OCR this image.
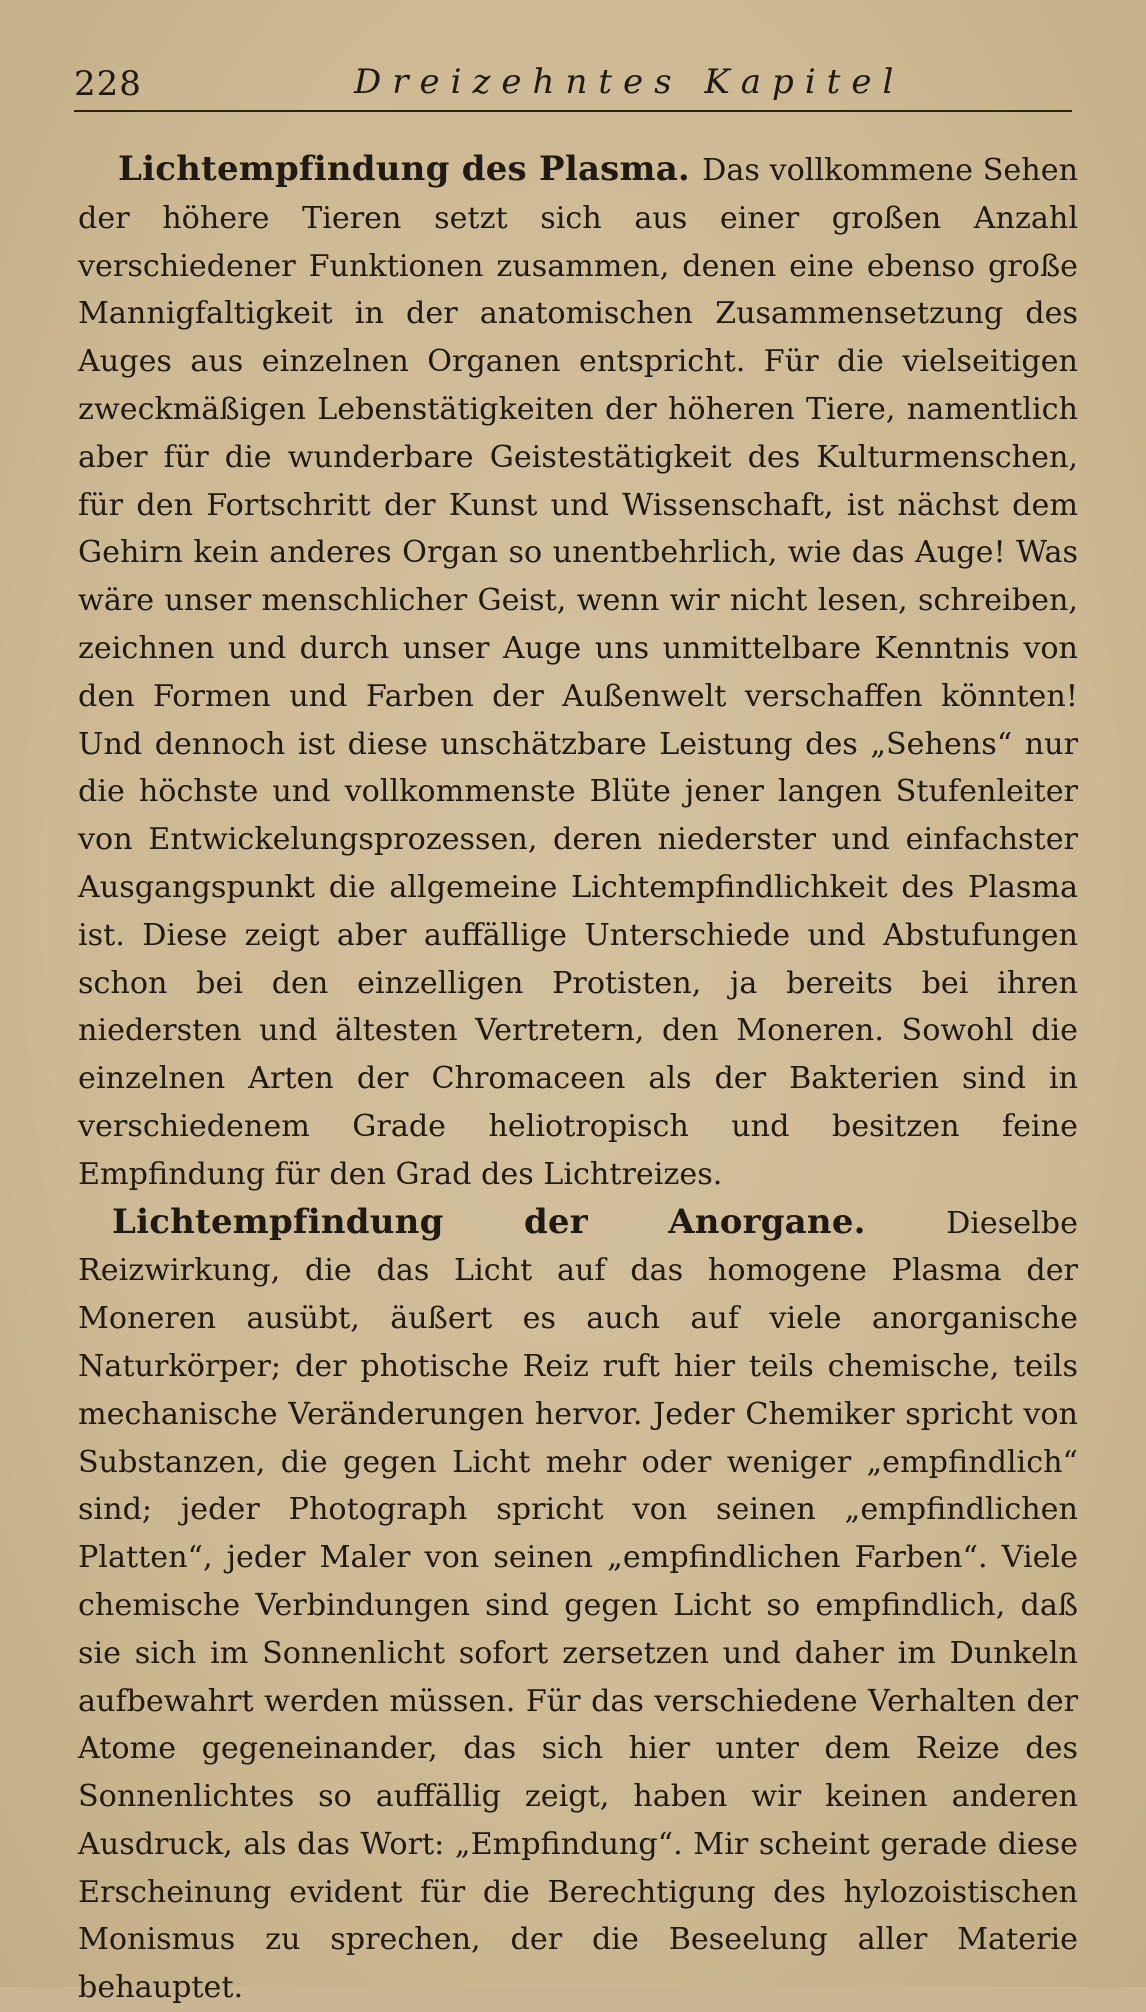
228	Dreizehntes Kapitel

Lichtempfindung des Plasma. Das vollkommene Sehen der höhere Tieren setzt sich aus einer großen Anzahl verschiedener Funktionen zusammen, denen eine ebenso große Mannigfaltigkeit in der anatomischen Zusammensetzung des Auges aus einzelnen Organen entspricht. Für die vielseitigen zweckmäßigen Lebenstätigkeiten der höheren Tiere, namentlich aber für die wunderbare Geistestätigkeit des Kulturmenschen, für den Fortschritt der Kunst und Wissenschaft, ist nächst dem Gehirn kein anderes Organ so unentbehrlich, wie das Auge! Was wäre unser menschlicher Geist, wenn wir nicht lesen, schreiben, zeichnen und durch unser Auge uns unmittelbare Kenntnis von den Formen und Farben der Außenwelt verschaffen könnten! Und dennoch ist diese unschätzbare Leistung des „Sehens“ nur die höchste und vollkommenste Blüte jener langen Stufenleiter von Entwickelungsprozessen, deren niederster und einfachster Ausgangspunkt die allgemeine Lichtempfindlichkeit des Plasma ist. Diese zeigt aber auffällige Unterschiede und Abstufungen schon bei den einzelligen Protisten, ja bereits bei ihren niedersten und ältesten Vertretern, den Moneren. Sowohl die einzelnen Arten der Chromaceen als der Bakterien sind in verschiedenem Grade heliotropisch und besitzen feine Empfindung für den Grad des Lichtreizes.

Lichtempfindung der Anorgane. Dieselbe Reizwirkung, die das Licht auf das homogene Plasma der Moneren ausübt, äußert es auch auf viele anorganische Naturkörper; der photische Reiz ruft hier teils chemische, teils mechanische Veränderungen hervor. Jeder Chemiker spricht von Substanzen, die gegen Licht mehr oder weniger „empfindlich“ sind; jeder Photograph spricht von seinen „empfindlichen Platten“, jeder Maler von seinen „empfindlichen Farben“. Viele chemische Verbindungen sind gegen Licht so empfindlich, daß sie sich im Sonnenlicht sofort zersetzen und daher im Dunkeln aufbewahrt werden müssen. Für das verschiedene Verhalten der Atome gegeneinander, das sich hier unter dem Reize des Sonnenlichtes so auffällig zeigt, haben wir keinen anderen Ausdruck, als das Wort: „Empfindung“. Mir scheint gerade diese Erscheinung evident für die Berechtigung des hylozoistischen Monismus zu sprechen, der die Beseelung aller Materie behauptet.
